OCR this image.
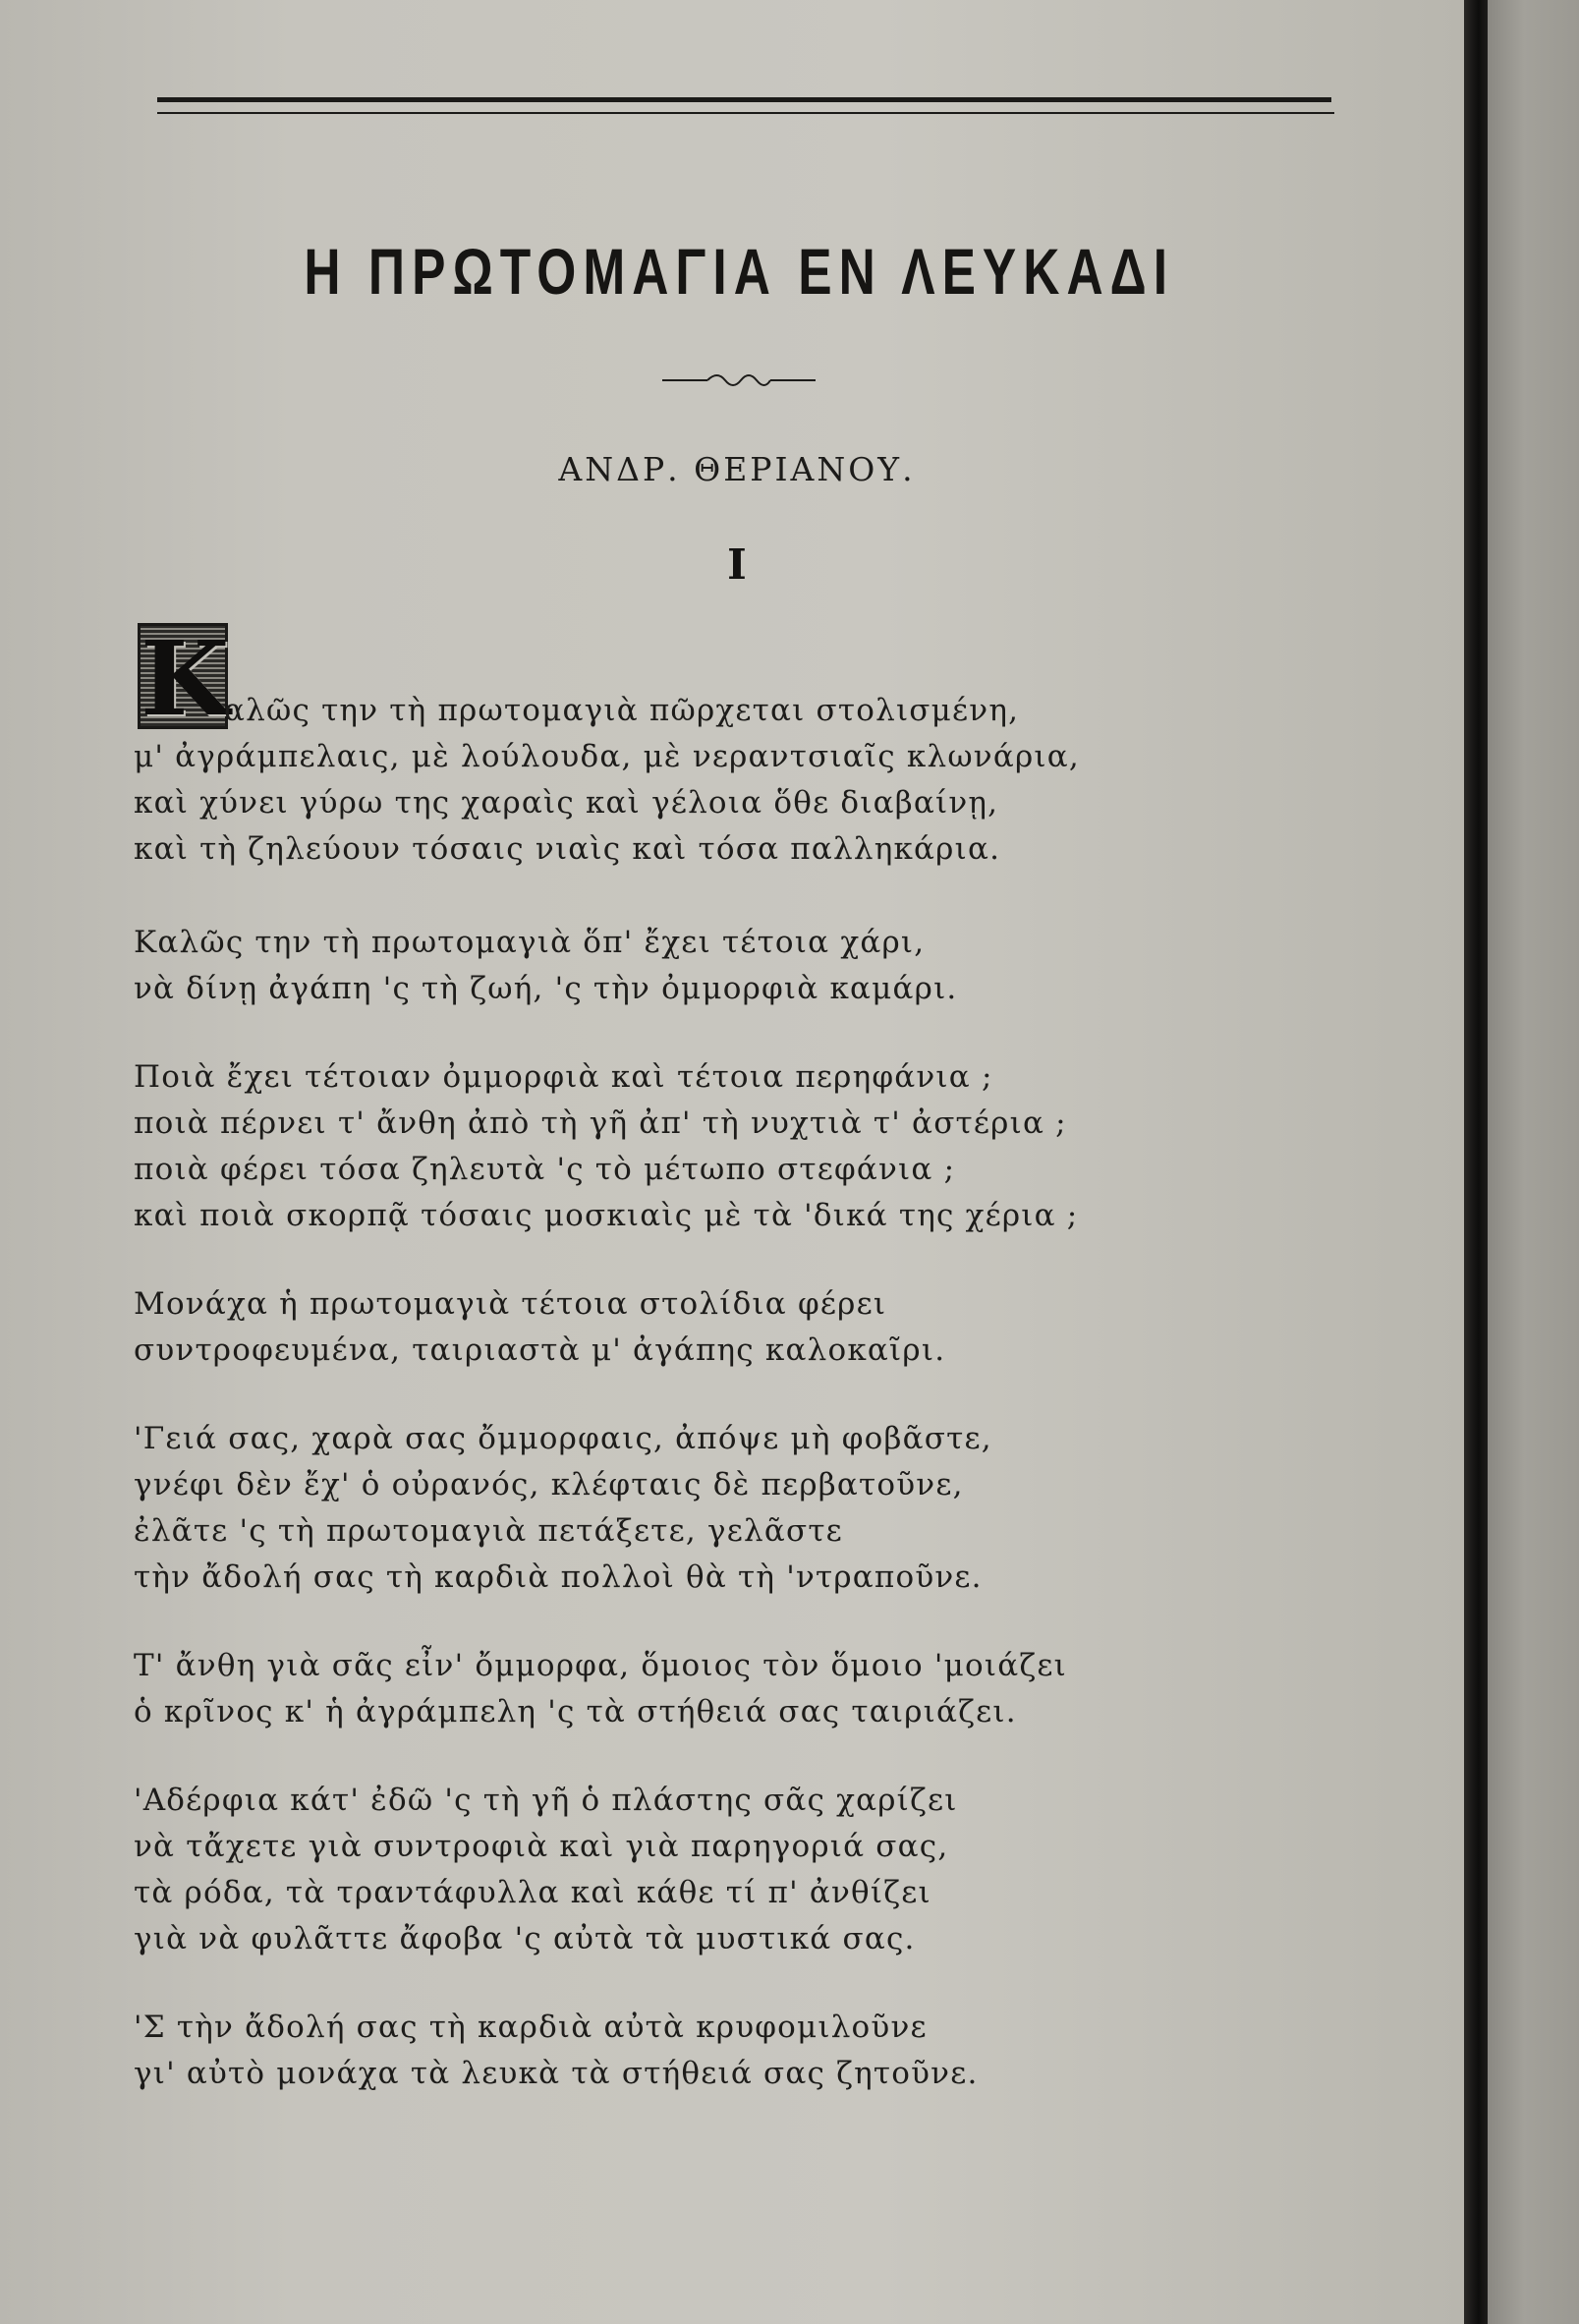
Η ΠΡΩΤΟΜΑΓΙΑ ΕΝ ΛΕΥΚΑΔΙ
ΑΝΔΡ. ΘΕΡΙΑΝΟΥ.
I
K
αλῶς την τὴ πρωτομαγιὰ πῶρχεται στολισμένη,
μ' ἀγράμπελαις, μὲ λούλουδα, μὲ νεραντσιαῖς κλωνάρια,
καὶ χύνει γύρω της χαραὶς καὶ γέλοια ὅθε διαβαίνῃ,
καὶ τὴ ζηλεύουν τόσαις νιαὶς καὶ τόσα παλληκάρια.
Καλῶς την τὴ πρωτομαγιὰ ὅπ' ἔχει τέτοια χάρι,
νὰ δίνῃ ἀγάπη 'ς τὴ ζωή, 'ς τὴν ὀμμορφιὰ καμάρι.
Ποιὰ ἔχει τέτοιαν ὀμμορφιὰ καὶ τέτοια περηφάνια ;
ποιὰ πέρνει τ' ἄνθη ἀπὸ τὴ γῆ ἀπ' τὴ νυχτιὰ τ' ἀστέρια ;
ποιὰ φέρει τόσα ζηλευτὰ 'ς τὸ μέτωπο στεφάνια ;
καὶ ποιὰ σκορπᾷ τόσαις μοσκιαὶς μὲ τὰ 'δικά της χέρια ;
Μονάχα ἡ πρωτομαγιὰ τέτοια στολίδια φέρει
συντροφευμένα, ταιριαστὰ μ' ἀγάπης καλοκαῖρι.
'Γειά σας, χαρὰ σας ὄμμορφαις, ἀπόψε μὴ φοβᾶστε,
γνέφι δὲν ἔχ' ὁ οὐρανός, κλέφταις δὲ περβατοῦνε,
ἐλᾶτε 'ς τὴ πρωτομαγιὰ πετάξετε, γελᾶστε
τὴν ἄδολή σας τὴ καρδιὰ πολλοὶ θὰ τὴ 'ντραποῦνε.
Τ' ἄνθη γιὰ σᾶς εἶν' ὄμμορφα, ὅμοιος τὸν ὅμοιο 'μοιάζει
ὁ κρῖνος κ' ἡ ἀγράμπελη 'ς τὰ στήθειά σας ταιριάζει.
'Αδέρφια κάτ' ἐδῶ 'ς τὴ γῆ ὁ πλάστης σᾶς χαρίζει
νὰ τἄχετε γιὰ συντροφιὰ καὶ γιὰ παρηγοριά σας,
τὰ ρόδα, τὰ τραντάφυλλα καὶ κάθε τί π' ἀνθίζει
γιὰ νὰ φυλᾶττε ἄφοβα 'ς αὐτὰ τὰ μυστικά σας.
'Σ τὴν ἄδολή σας τὴ καρδιὰ αὐτὰ κρυφομιλοῦνε
γι' αὐτὸ μονάχα τὰ λευκὰ τὰ στήθειά σας ζητοῦνε.
